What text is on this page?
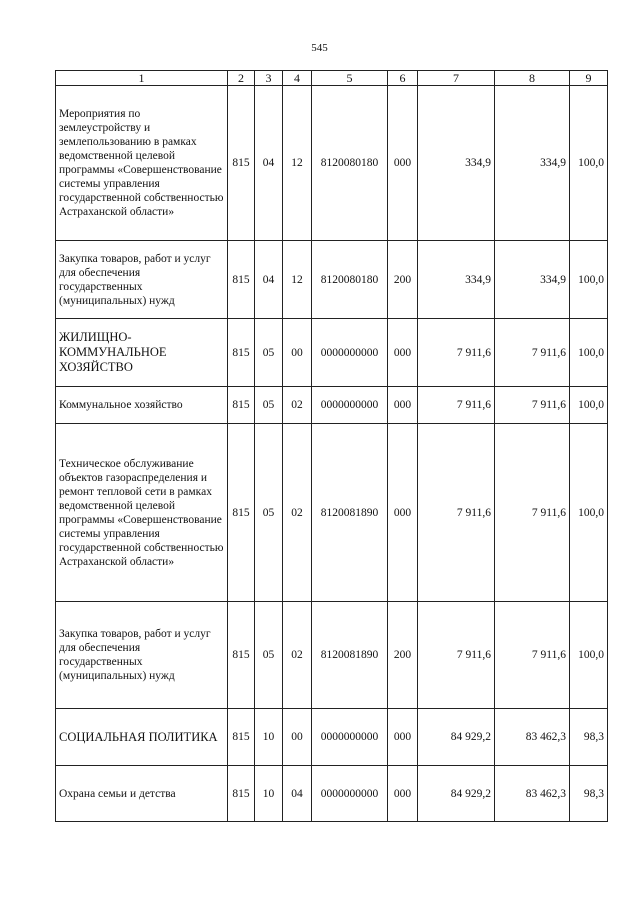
545
1	2	3	4	5	6	7	8	9
Мероприятия по землеустройству и землепользованию в рамках ведомственной целевой программы «Совершенствование системы управления государственной собственностью Астраханской области»	815	04	12	8120080180	000	334,9	334,9	100,0
Закупка товаров, работ и услуг для обеспечения государственных (муниципальных) нужд	815	04	12	8120080180	200	334,9	334,9	100,0
ЖИЛИЩНО-КОММУНАЛЬНОЕ ХОЗЯЙСТВО	815	05	00	0000000000	000	7 911,6	7 911,6	100,0
Коммунальное хозяйство	815	05	02	0000000000	000	7 911,6	7 911,6	100,0
Техническое обслуживание объектов газораспределения и ремонт тепловой сети в рамках ведомственной целевой программы «Совершенствование системы управления государственной собственностью Астраханской области»	815	05	02	8120081890	000	7 911,6	7 911,6	100,0
Закупка товаров, работ и услуг для обеспечения государственных (муниципальных) нужд	815	05	02	8120081890	200	7 911,6	7 911,6	100,0
СОЦИАЛЬНАЯ ПОЛИТИКА	815	10	00	0000000000	000	84 929,2	83 462,3	98,3
Охрана семьи и детства	815	10	04	0000000000	000	84 929,2	83 462,3	98,3
